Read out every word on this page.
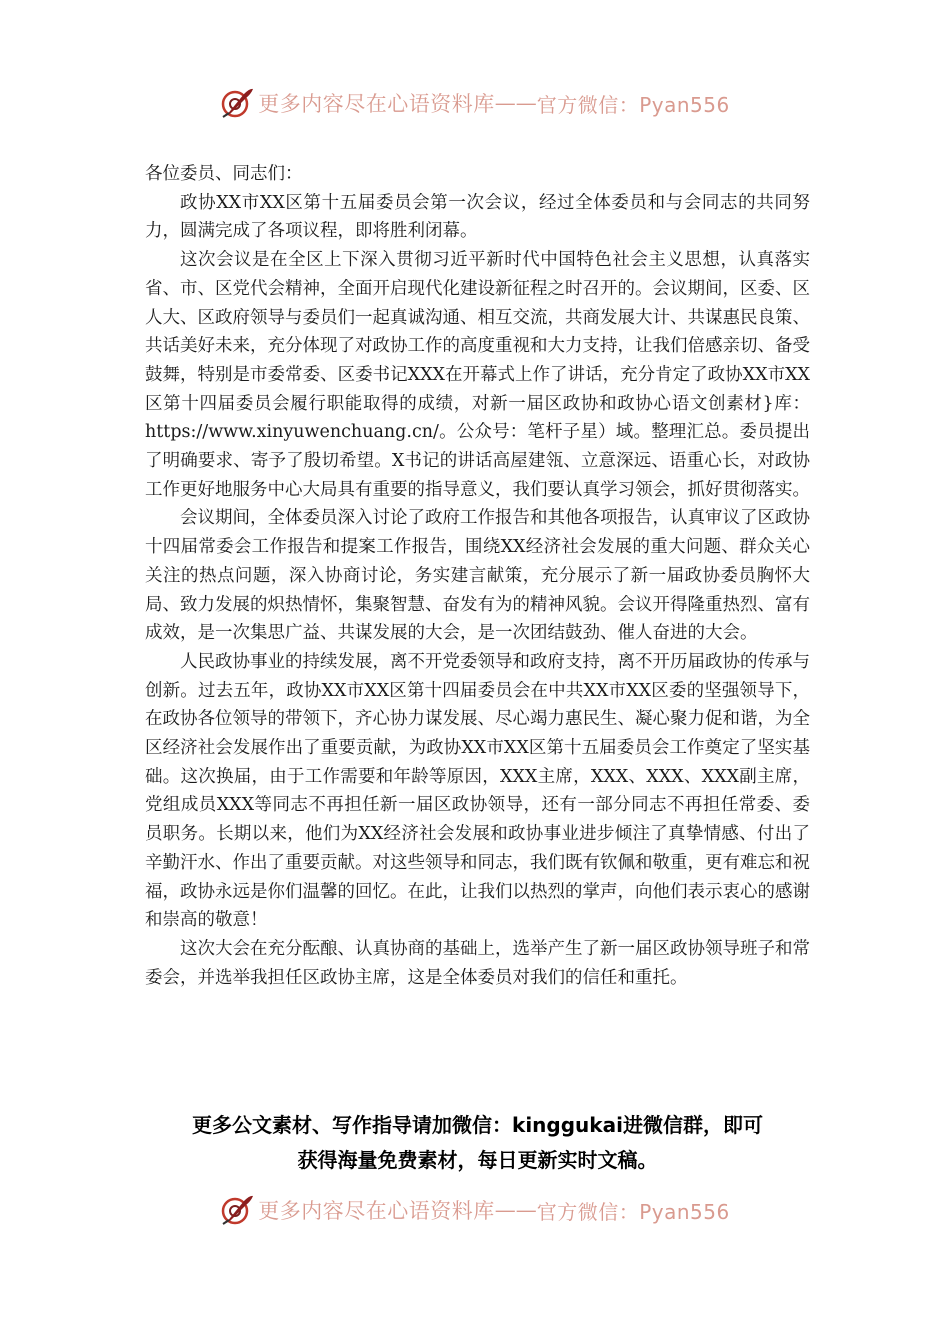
更多内容尽在心语资料库 —— 官方微信：Pyan556

各位委员、同志们：

政协XX市XX区第十五届委员会第一次会议，经过全体委员和与会同志的共同努力，圆满完成了各项议程，即将胜利闭幕。

这次会议是在全区上下深入贯彻习近平新时代中国特色社会主义思想，认真落实省、市、区党代会精神，全面开启现代化建设新征程之时召开的。会议期间，区委、区人大、区政府领导与委员们一起真诚沟通、相互交流，共商发展大计、共谋惠民良策、共话美好未来，充分体现了对政协工作的高度重视和大力支持，让我们倍感亲切、备受鼓舞，特别是市委常委、区委书记XXX在开幕式上作了讲话，充分肯定了政协XX市XX区第十四届委员会履行职能取得的成绩，对新一届区政协和政协心语文创素材}库：https://www.xinyuwenchuang.cn/。公众号：笔杆子星）域。整理汇总。委员提出了明确要求、寄予了殷切希望。X书记的讲话高屋建瓴、立意深远、语重心长，对政协工作更好地服务中心大局具有重要的指导意义，我们要认真学习领会，抓好贯彻落实。

会议期间，全体委员深入讨论了政府工作报告和其他各项报告，认真审议了区政协十四届常委会工作报告和提案工作报告，围绕XX经济社会发展的重大问题、群众关心关注的热点问题，深入协商讨论，务实建言献策，充分展示了新一届政协委员胸怀大局、致力发展的炽热情怀，集聚智慧、奋发有为的精神风貌。会议开得隆重热烈、富有成效，是一次集思广益、共谋发展的大会，是一次团结鼓劲、催人奋进的大会。

人民政协事业的持续发展，离不开党委领导和政府支持，离不开历届政协的传承与创新。过去五年，政协XX市XX区第十四届委员会在中共XX市XX区委的坚强领导下，在政协各位领导的带领下，齐心协力谋发展、尽心竭力惠民生、凝心聚力促和谐，为全区经济社会发展作出了重要贡献，为政协XX市XX区第十五届委员会工作奠定了坚实基础。这次换届，由于工作需要和年龄等原因，XXX主席，XXX、XXX、XXX副主席，党组成员XXX等同志不再担任新一届区政协领导，还有一部分同志不再担任常委、委员职务。长期以来，他们为XX经济社会发展和政协事业进步倾注了真挚情感、付出了辛勤汗水、作出了重要贡献。对这些领导和同志，我们既有钦佩和敬重，更有难忘和祝福，政协永远是你们温馨的回忆。在此，让我们以热烈的掌声，向他们表示衷心的感谢和崇高的敬意！

这次大会在充分酝酿、认真协商的基础上，选举产生了新一届区政协领导班子和常委会，并选举我担任区政协主席，这是全体委员对我们的信任和重托。

更多公文素材、写作指导请加微信：kinggukai进微信群，即可

获得海量免费素材，每日更新实时文稿。

更多内容尽在心语资料库 —— 官方微信：Pyan556
